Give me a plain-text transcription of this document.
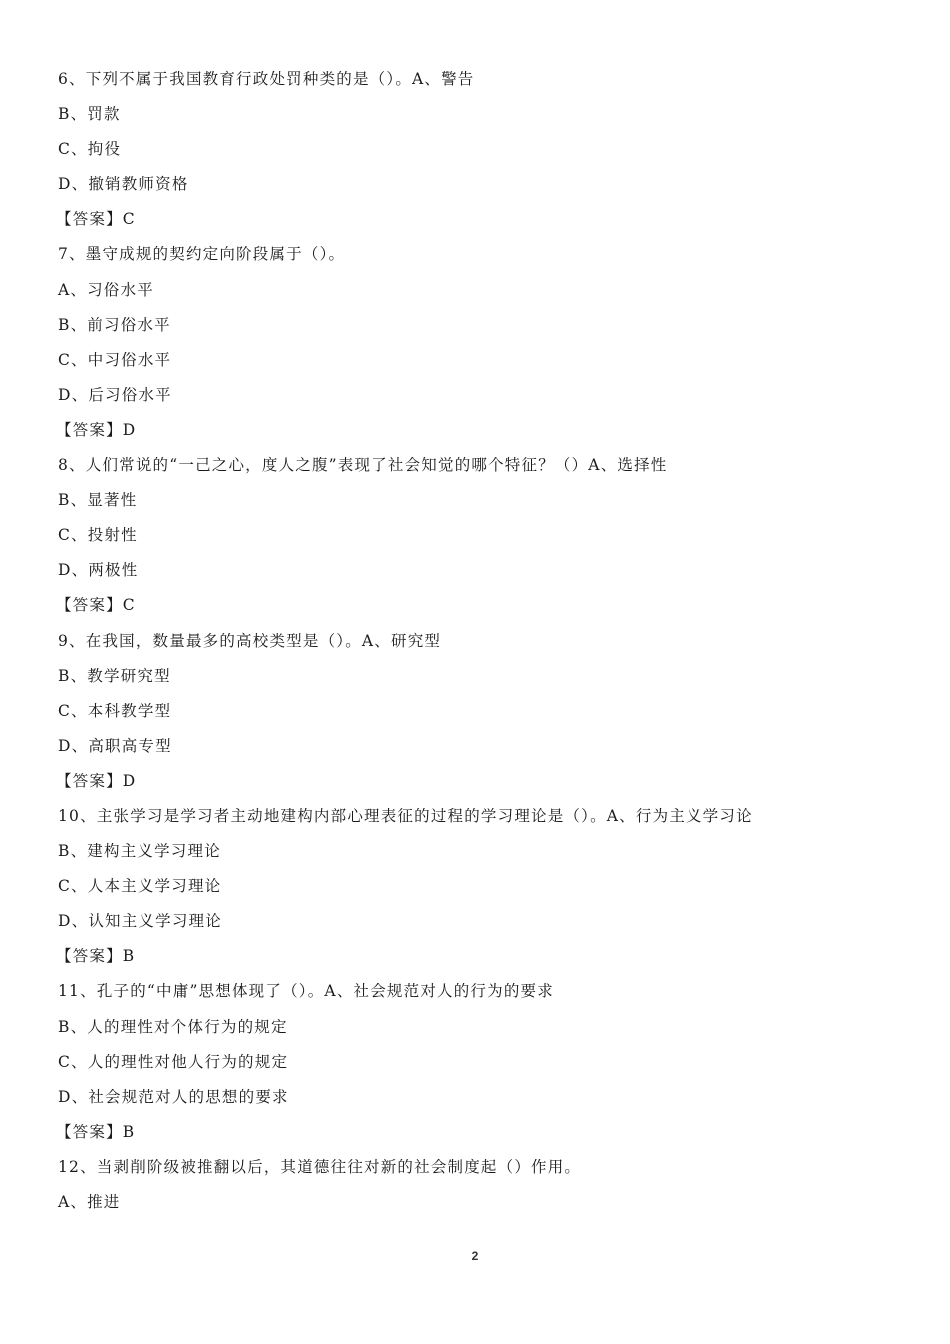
6、下列不属于我国教育行政处罚种类的是（）。A、警告
B、罚款
C、拘役
D、撤销教师资格
【答案】C
7、墨守成规的契约定向阶段属于（）。
A、习俗水平
B、前习俗水平
C、中习俗水平
D、后习俗水平
【答案】D
8、人们常说的“一己之心，度人之腹”表现了社会知觉的哪个特征？（）A、选择性
B、显著性
C、投射性
D、两极性
【答案】C
9、在我国，数量最多的高校类型是（）。A、研究型
B、教学研究型
C、本科教学型
D、高职高专型
【答案】D
10、主张学习是学习者主动地建构内部心理表征的过程的学习理论是（）。A、行为主义学习论
B、建构主义学习理论
C、人本主义学习理论
D、认知主义学习理论
【答案】B
11、孔子的“中庸”思想体现了（）。A、社会规范对人的行为的要求
B、人的理性对个体行为的规定
C、人的理性对他人行为的规定
D、社会规范对人的思想的要求
【答案】B
12、当剥削阶级被推翻以后，其道德往往对新的社会制度起（）作用。
A、推进
2
